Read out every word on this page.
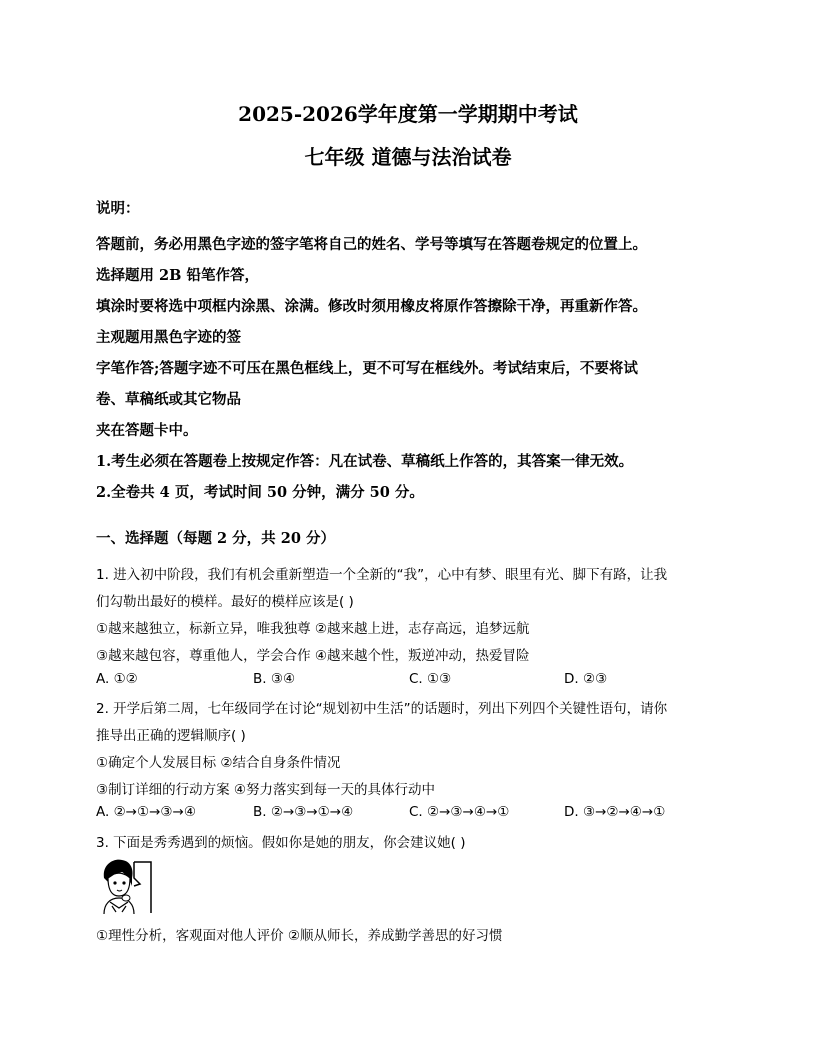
2025-2026学年度第一学期期中考试
七年级 道德与法治试卷
说明：
答题前，务必用黑色字迹的签字笔将自己的姓名、学号等填写在答题卷规定的位置上。
选择题用 2B 铅笔作答，
填涂时要将选中项框内涂黑、涂满。修改时须用橡皮将原作答擦除干净，再重新作答。
主观题用黑色字迹的签
字笔作答;答题字迹不可压在黑色框线上，更不可写在框线外。考试结束后，不要将试
卷、草稿纸或其它物品
夹在答题卡中。
1.考生必须在答题卷上按规定作答：凡在试卷、草稿纸上作答的，其答案一律无效。
2.全卷共 4 页，考试时间 50 分钟，满分 50 分。
一、选择题（每题 2 分，共 20 分）
1. 进入初中阶段，我们有机会重新塑造一个全新的“我”，心中有梦、眼里有光、脚下有路，让我
们勾勒出最好的模样。最好的模样应该是( )
①越来越独立，标新立异，唯我独尊 ②越来越上进，志存高远，追梦远航
③越来越包容，尊重他人，学会合作 ④越来越个性，叛逆冲动，热爱冒险
A. ①②	B. ③④	C. ①③	D. ②③
2. 开学后第二周，七年级同学在讨论“规划初中生活”的话题时，列出下列四个关键性语句，请你
推导出正确的逻辑顺序( )
①确定个人发展目标 ②结合自身条件情况
③制订详细的行动方案 ④努力落实到每一天的具体行动中
A. ②→①→③→④	B. ②→③→①→④	C. ②→③→④→①	D. ③→②→④→①
3. 下面是秀秀遇到的烦恼。假如你是她的朋友，你会建议她( )
①理性分析，客观面对他人评价 ②顺从师长，养成勤学善思的好习惯
